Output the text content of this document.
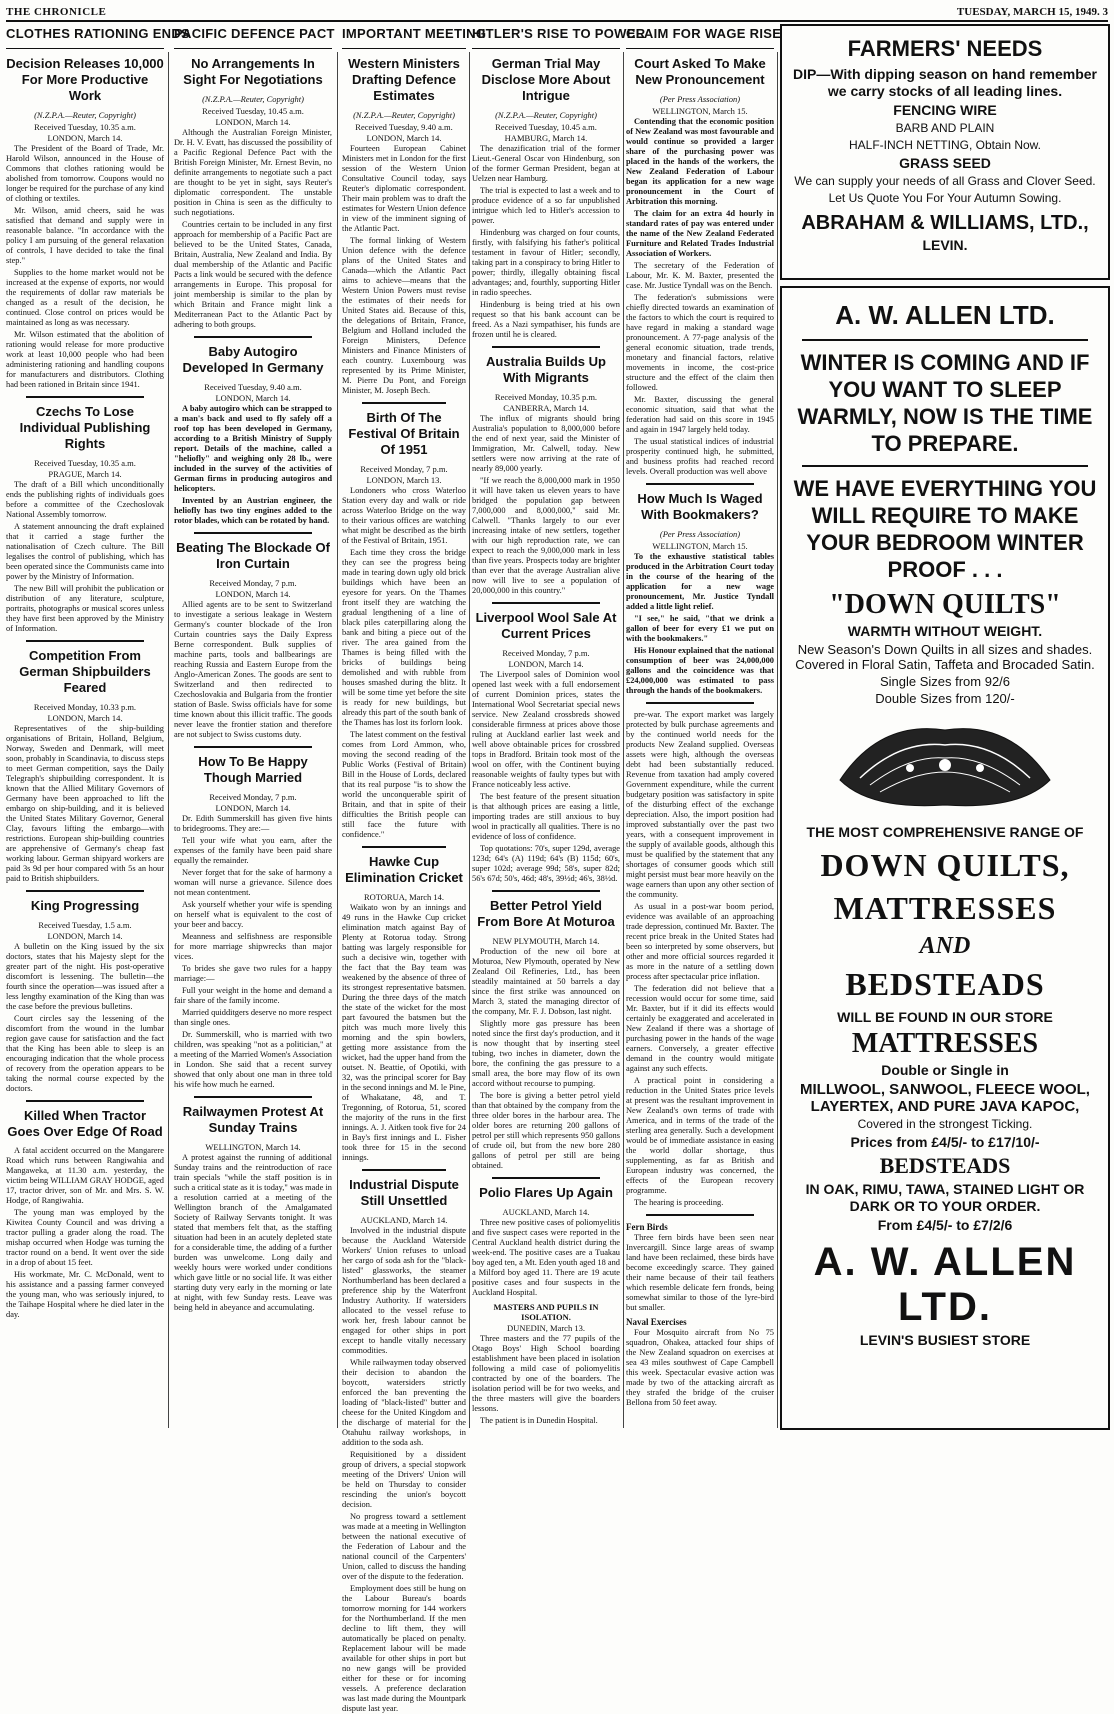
THE CHRONICLE	TUESDAY, MARCH 15, 1949. 3
CLOTHES RATIONING ENDS
PACIFIC DEFENCE PACT IMPORTANT MEETING
HITLER'S RISE TO POWER
CLAIM FOR WAGE RISE
Decision Releases 10,000 For More Productive Work
(N.Z.P.A.—Reuter, Copyright)
Received Tuesday, 10.35 a.m.
LONDON, March 14.

The President of the Board of Trade, Mr. Harold Wilson, announced in the House of Commons that clothes rationing would be abolished from tomorrow. Coupons would no longer be required for the purchase of any kind of clothing or textiles.

Mr. Wilson, amid cheers, said he was satisfied that demand and supply were in reasonable balance. "In accordance with the policy I am pursuing of the general relaxation of controls, I have decided to take the final step."

Supplies to the home market would not be increased at the expense of exports, nor would the requirements of dollar raw materials be changed as a result of the decision, he continued. Close control on prices would be maintained as long as was necessary.

Mr. Wilson estimated that the abolition of rationing would release for more productive work at least 10,000 people who had been administering rationing and handling coupons for manufacturers and distributors. Clothing had been rationed in Britain since 1941.

Czechs To Lose Individual Publishing Rights
Received Tuesday, 10.35 a.m.
PRAGUE, March 14.

The draft of a Bill which unconditionally ends the publishing rights of individuals goes before a committee of the Czechoslovak National Assembly tomorrow.

A statement announcing the draft explained that it carried a stage further the nationalisation of Czech culture. The Bill legalises the control of publishing, which has been operated since the Communists came into power by the Ministry of Information.

The new Bill will prohibit the publication or distribution of any literature, sculpture, portraits, photographs or musical scores unless they have first been approved by the Ministry of Information.

Competition From German Shipbuilders Feared
Received Monday, 10.33 p.m.
LONDON, March 14.

Representatives of the ship-building organisations of Britain, Holland, Belgium, Norway, Sweden and Denmark, will meet soon, probably in Scandinavia, to discuss steps to meet German competition, says the Daily Telegraph's shipbuilding correspondent. It is known that the Allied Military Governors of Germany have been approached to lift the embargo on ship-building, and it is believed the United States Military Governor, General Clay, favours lifting the embargo—with restrictions. European ship-building countries are apprehensive of Germany's cheap fast working labour. German shipyard workers are paid 3s 9d per hour compared with 5s an hour paid to British shipbuilders.

King Progressing
Received Tuesday, 1.5 a.m.
LONDON, March 14.

A bulletin on the King issued by the six doctors, states that his Majesty slept for the greater part of the night. His post-operative discomfort is lessening. The bulletin—the fourth since the operation—was issued after a less lengthy examination of the King than was the case before the previous bulletins.

Court circles say the lessening of the discomfort from the wound in the lumbar region gave cause for satisfaction and the fact that the King has been able to sleep is an encouraging indication that the whole process of recovery from the operation appears to be taking the normal course expected by the doctors.

Killed When Tractor Goes Over Edge Of Road

A fatal accident occurred on the Mangarere Road which runs between Rangiwahia and Mangaweka, at 11.30 a.m. yesterday, the victim being WILLIAM GRAY HODGE, aged 17, tractor driver, son of Mr. and Mrs. S. W. Hodge, of Rangiwahia.

The young man was employed by the Kiwitea County Council and was driving a tractor pulling a grader along the road. The mishap occurred when Hodge was turning the tractor round on a bend. It went over the side in a drop of about 15 feet.

His workmate, Mr. C. McDonald, went to his assistance and a passing farmer conveyed the young man, who was seriously injured, to the Taihape Hospital where he died later in the day.

No Arrangements In Sight For Negotiations
(N.Z.P.A.—Reuter, Copyright)
Received Tuesday, 10.45 a.m.
LONDON, March 14.

Although the Australian Foreign Minister, Dr. H. V. Evatt, has discussed the possibility of a Pacific Regional Defence Pact with the British Foreign Minister, Mr. Ernest Bevin, no definite arrangements to negotiate such a pact are thought to be yet in sight, says Reuter's diplomatic correspondent. The unstable position in China is seen as the difficulty to such negotiations.

Countries certain to be included in any first approach for membership of a Pacific Pact are believed to be the United States, Canada, Britain, Australia, New Zealand and India. By dual membership of the Atlantic and Pacific Pacts a link would be secured with the defence arrangements in Europe. This proposal for joint membership is similar to the plan by which Britain and France might link a Mediterranean Pact to the Atlantic Pact by adhering to both groups.

Baby Autogiro Developed In Germany
Received Tuesday, 9.40 a.m.
LONDON, March 14.

A baby autogiro which can be strapped to a man's back and used to fly safely off a roof top has been developed in Germany, according to a British Ministry of Supply report. Details of the machine, called a "heliofly" and weighing only 28 lb., were included in the survey of the activities of German firms in producing autogiros and helicopters.

Invented by an Austrian engineer, the heliofly has two tiny engines added to the rotor blades, which can be rotated by hand.

Beating The Blockade Of Iron Curtain
Received Monday, 7 p.m.
LONDON, March 14.

Allied agents are to be sent to Switzerland to investigate a serious leakage in Western Germany's counter blockade of the Iron Curtain countries says the Daily Express Berne correspondent. Bulk supplies of machine parts, tools and ballbearings are reaching Russia and Eastern Europe from the Anglo-American Zones. The goods are sent to Switzerland and then redirected to Czechoslovakia and Bulgaria from the frontier station of Basle. Swiss officials have for some time known about this illicit traffic. The goods never leave the frontier station and therefore are not subject to Swiss customs duty.

How To Be Happy Though Married
Received Monday, 7 p.m.
LONDON, March 14.

Dr. Edith Summerskill has given five hints to bridegrooms. They are:—

Tell your wife what you earn, after the expenses of the family have been paid share equally the remainder.

Never forget that for the sake of harmony a woman will nurse a grievance. Silence does not mean contentment.

Ask yourself whether your wife is spending on herself what is equivalent to the cost of your beer and baccy.

Meanness and selfishness are responsible for more marriage shipwrecks than major vices.

To brides she gave two rules for a happy marriage:—

Full your weight in the home and demand a fair share of the family income.

Married quidditgers deserve no more respect than single ones.

Dr. Summerskill, who is married with two children, was speaking "not as a politician," at a meeting of the Married Women's Association in London. She said that a recent survey showed that only about one man in three told his wife how much he earned.

Railwaymen Protest At Sunday Trains
WELLINGTON, March 14.

A protest against the running of additional Sunday trains and the reintroduction of race train specials "while the staff position is in such a critical state as it is today," was made in a resolution carried at a meeting of the Wellington branch of the Amalgamated Society of Railway Servants tonight. It was stated that members felt that, as the staffing situation had been in an acutely depleted state for a considerable time, the adding of a further burden was unwelcome. Long daily and weekly hours were worked under conditions which gave little or no social life. It was either starting duty very early in the morning or late at night, with few Sunday rests. Leave was being held in abeyance and accumulating.

Western Ministers Drafting Defence Estimates
(N.Z.P.A.—Reuter, Copyright)
Received Tuesday, 9.40 a.m.
LONDON, March 14.

Fourteen European Cabinet Ministers met in London for the first session of the Western Union Consultative Council today, says Reuter's diplomatic correspondent. Their main problem was to draft the estimates for Western Union defence in view of the imminent signing of the Atlantic Pact.

The formal linking of Western Union defence with the defence plans of the United States and Canada—which the Atlantic Pact aims to achieve—means that the Western Union Powers must revise the estimates of their needs for United States aid. Because of this, the delegations of Britain, France, Belgium and Holland included the Foreign Ministers, Defence Ministers and Finance Ministers of each country. Luxembourg was represented by its Prime Minister, M. Pierre Du Pont, and Foreign Minister, M. Joseph Bech.

Birth Of The Festival Of Britain Of 1951
Received Monday, 7 p.m.
LONDON, March 13.

Londoners who cross Waterloo Station every day and walk or ride across Waterloo Bridge on the way to their various offices are watching what might be described as the birth of the Festival of Britain, 1951.

Each time they cross the bridge they can see the progress being made in tearing down ugly old brick buildings which have been an eyesore for years. On the Thames front itself they are watching the gradual lengthening of a line of black piles caterpillaring along the bank and biting a piece out of the river. The area gained from the Thames is being filled with the bricks of buildings being demolished and with rubble from houses smashed during the blitz. It will be some time yet before the site is ready for new buildings, but already this part of the south bank of the Thames has lost its forlorn look.

The latest comment on the festival comes from Lord Ammon, who, moving the second reading of the Public Works (Festival of Britain) Bill in the House of Lords, declared that its real purpose "is to show the world the unconquerable spirit of Britain, and that in spite of their difficulties the British people can still face the future with confidence."

Hawke Cup Elimination Cricket
ROTORUA, March 14.

Waikato won by an innings and 49 runs in the Hawke Cup cricket elimination match against Bay of Plenty at Rotorua today. Strong batting was largely responsible for such a decisive win, together with the fact that the Bay team was weakened by the absence of three of its strongest representative batsmen. During the three days of the match the state of the wicket for the most part favoured the batsmen but the pitch was much more lively this morning and the spin bowlers, getting more assistance from the wicket, had the upper hand from the outset. N. Beattie, of Opotiki, with 32, was the principal scorer for Bay in the second innings and M. le Pine, of Whakatane, 48, and T. Tregonning, of Rotorua, 51, scored the majority of the runs in the first innings. A. J. Aitken took five for 24 in Bay's first innings and L. Fisher took three for 15 in the second innings.

Industrial Dispute Still Unsettled
AUCKLAND, March 14.

Involved in the industrial dispute because the Auckland Waterside Workers' Union refuses to unload her cargo of soda ash for the "black-listed" glassworks, the steamer Northumberland has been declared a preference ship by the Waterfront Industry Authority. If watersiders allocated to the vessel refuse to work her, fresh labour cannot be engaged for other ships in port except to handle vitally necessary commodities.

While railwaymen today observed their decision to abandon the boycott, watersiders strictly enforced the ban preventing the loading of "black-listed" butter and cheese for the United Kingdom and the discharge of material for the Otahuhu railway workshops, in addition to the soda ash.

Requisitioned by a dissident group of drivers, a special stopwork meeting of the Drivers' Union will be held on Thursday to consider rescinding the union's boycott decision.

No progress toward a settlement was made at a meeting in Wellington between the national executive of the Federation of Labour and the national council of the Carpenters' Union, called to discuss the handing over of the dispute to the federation.

Employment does still be hung on the Labour Bureau's boards tomorrow morning for 144 workers for the Northumberland. If the men decline to lift them, they will automatically be placed on penalty. Replacement labour will be made available for other ships in port but no new gangs will be provided either for these or for incoming vessels. A preference declaration was last made during the Mountpark dispute last year.

German Trial May Disclose More About Intrigue
(N.Z.P.A.—Reuter, Copyright)
Received Tuesday, 10.45 a.m.
HAMBURG, March 14.

The denazification trial of the former Lieut.-General Oscar von Hindenburg, son of the former German President, began at Uelzen near Hamburg.

The trial is expected to last a week and to produce evidence of a so far unpublished intrigue which led to Hitler's accession to power.

Hindenburg was charged on four counts, firstly, with falsifying his father's political testament in favour of Hitler; secondly, taking part in a conspiracy to bring Hitler to power; thirdly, illegally obtaining fiscal advantages; and, fourthly, supporting Hitler in radio speeches.

Hindenburg is being tried at his own request so that his bank account can be freed. As a Nazi sympathiser, his funds are frozen until he is cleared.

Australia Builds Up With Migrants
Received Monday, 10.35 p.m.
CANBERRA, March 14.

The influx of migrants should bring Australia's population to 8,000,000 before the end of next year, said the Minister of Immigration, Mr. Calwell, today. New settlers were now arriving at the rate of nearly 89,000 yearly.

"If we reach the 8,000,000 mark in 1950 it will have taken us eleven years to have bridged the population gap between 7,000,000 and 8,000,000," said Mr. Calwell. "Thanks largely to our ever increasing intake of new settlers, together with our high reproduction rate, we can expect to reach the 9,000,000 mark in less than five years. Prospects today are brighter than ever that the average Australian alive now will live to see a population of 20,000,000 in this country."

Liverpool Wool Sale At Current Prices
Received Monday, 7 p.m.
LONDON, March 14.

The Liverpool sales of Dominion wool opened last week with a full endorsement of current Dominion prices, states the International Wool Secretariat special news service. New Zealand crossbreds showed considerable firmness at prices above those ruling at Auckland earlier last week and well above obtainable prices for crossbred tops in Bradford. Britain took most of the wool on offer, with the Continent buying reasonable weights of faulty types but with France noticeably less active.

The best feature of the present situation is that although prices are easing a little, importing trades are still anxious to buy wool in practically all qualities. There is no evidence of loss of confidence.

Top quotations: 70's, super 129d, average 123d; 64's (A) 119d; 64's (B) 115d; 60's, super 102d; average 99d; 58's, super 82d; 56's 67d; 50's, 46d; 48's, 39½d; 46's, 38½d.

Better Petrol Yield From Bore At Moturoa
NEW PLYMOUTH, March 14.

Production of the new oil bore at Moturoa, New Plymouth, operated by New Zealand Oil Refineries, Ltd., has been steadily maintained at 50 barrels a day since the first strike was announced on March 3, stated the managing director of the company, Mr. F. J. Dobson, last night.

Slightly more gas pressure has been noted since the first day's production, and it is now thought that by inserting steel tubing, two inches in diameter, down the bore, the confining the gas pressure to a small area, the bore may flow of its own accord without recourse to pumping.

The bore is giving a better petrol yield than that obtained by the company from the three older bores in the harbour area. The older bores are returning 200 gallons of petrol per still which represents 950 gallons of crude oil, but from the new bore 280 gallons of petrol per still are being obtained.

Polio Flares Up Again
AUCKLAND, March 14.

Three new positive cases of poliomyelitis and five suspect cases were reported in the Central Auckland health district during the week-end. The positive cases are a Tuakau boy aged ten, a Mt. Eden youth aged 18 and a Milford boy aged 11. There are 19 acute positive cases and four suspects in the Auckland Hospital.

MASTERS AND PUPILS IN ISOLATION.
DUNEDIN, March 13.

Three masters and the 77 pupils of the Otago Boys' High School boarding establishment have been placed in isolation following a mild case of poliomyelitis contracted by one of the boarders. The isolation period will be for two weeks, and the three masters will give the boarders lessons.

The patient is in Dunedin Hospital.

Court Asked To Make New Pronouncement
(Per Press Association)
WELLINGTON, March 15.

Contending that the economic position of New Zealand was most favourable and would continue so provided a larger share of the purchasing power was placed in the hands of the workers, the New Zealand Federation of Labour began its application for a new wage pronouncement in the Court of Arbitration this morning.

The claim for an extra 4d hourly in standard rates of pay was entered under the name of the New Zealand Federated Furniture and Related Trades Industrial Association of Workers.

The secretary of the Federation of Labour, Mr. K. M. Baxter, presented the case. Mr. Justice Tyndall was on the Bench.

The federation's submissions were chiefly directed towards an examination of the factors to which the court is required to have regard in making a standard wage pronouncement. A 77-page analysis of the general economic situation, trade trends, monetary and financial factors, relative movements in income, the cost-price structure and the effect of the claim then followed.

Mr. Baxter, discussing the general economic situation, said that what the federation had said on this score in 1945 and again in 1947 largely held today.

The usual statistical indices of industrial prosperity continued high, he submitted, and business profits had reached record levels. Overall production was well above

How Much Is Waged With Bookmakers?
(Per Press Association)
WELLINGTON, March 15.

To the exhaustive statistical tables produced in the Arbitration Court today in the course of the hearing of the application for a new wage pronouncement, Mr. Justice Tyndall added a little light relief.

"I see," he said, "that we drink a gallon of beer for every £1 we put on with the bookmakers."

His Honour explained that the national consumption of beer was 24,000,000 gallons and the coincidence was that £24,000,000 was estimated to pass through the hands of the bookmakers.

pre-war. The export market was largely protected by bulk purchase agreements and by the continued world needs for the products New Zealand supplied. Overseas assets were high, although the overseas debt had been substantially reduced. Revenue from taxation had amply covered Government expenditure, while the current budgetary position was satisfactory in spite of the disturbing effect of the exchange depreciation. Also, the import position had improved substantially over the past two years, with a consequent improvement in the supply of available goods, although this must be qualified by the statement that any shortages of consumer goods which still might persist must bear more heavily on the wage earners than upon any other section of the community.

As usual in a post-war boom period, evidence was available of an approaching trade depression, continued Mr. Baxter. The recent price break in the United States had been so interpreted by some observers, but other and more official sources regarded it as more in the nature of a settling down process after spectacular price inflation.

The federation did not believe that a recession would occur for some time, said Mr. Baxter, but if it did its effects would certainly be exaggerated and accelerated in New Zealand if there was a shortage of purchasing power in the hands of the wage earners. Conversely, a greater effective demand in the country would mitigate against any such effects.

A practical point in considering a reduction in the United States price levels at present was the resultant improvement in New Zealand's own terms of trade with America, and in terms of the trade of the sterling area generally. Such a development would be of immediate assistance in easing the world dollar shortage, thus supplementing, as far as British and European industry was concerned, the effects of the European recovery programme.

The hearing is proceeding.

Fern Birds

Three fern birds have been seen near Invercargill. Since large areas of swamp land have been reclaimed, these birds have become exceedingly scarce. They gained their name because of their tail feathers which resemble delicate fern fronds, being somewhat similar to those of the lyre-bird but smaller.

Naval Exercises

Four Mosquito aircraft from No 75 squadron, Ohakea, attacked four ships of the New Zealand squadron on exercises at sea 43 miles southwest of Cape Campbell this week. Spectacular evasive action was made by two of the attacking aircraft as they strafed the bridge of the cruiser Bellona from 50 feet away.

FARMERS' NEEDS
DIP—With dipping season on hand remember we carry stocks of all leading lines.
FENCING WIRE
BARB AND PLAIN
HALF-INCH NETTING, Obtain Now.
GRASS SEED
We can supply your needs of all Grass and Clover Seed.
Let Us Quote You For Your Autumn Sowing.
ABRAHAM & WILLIAMS, LTD.,
LEVIN.
A. W. ALLEN LTD.
WINTER IS COMING AND IF YOU WANT TO SLEEP WARMLY, NOW IS THE TIME TO PREPARE.
WE HAVE EVERYTHING YOU WILL REQUIRE TO MAKE YOUR BEDROOM WINTER PROOF . . .
"DOWN QUILTS"
WARMTH WITHOUT WEIGHT.
New Season's Down Quilts in all sizes and shades. Covered in Floral Satin, Taffeta and Brocaded Satin.
Single Sizes from 92/6
Double Sizes from 120/-
THE MOST COMPREHENSIVE RANGE OF
DOWN QUILTS,
MATTRESSES
AND
BEDSTEADS
WILL BE FOUND IN OUR STORE
MATTRESSES
Double or Single in
MILLWOOL, SANWOOL, FLEECE WOOL, LAYERTEX, AND PURE JAVA KAPOC,
Covered in the strongest Ticking.
Prices from £4/5/- to £17/10/-
BEDSTEADS
IN OAK, RIMU, TAWA, STAINED LIGHT OR DARK OR TO YOUR ORDER.
From £4/5/- to £7/2/6
A. W. ALLEN LTD.
LEVIN'S BUSIEST STORE
